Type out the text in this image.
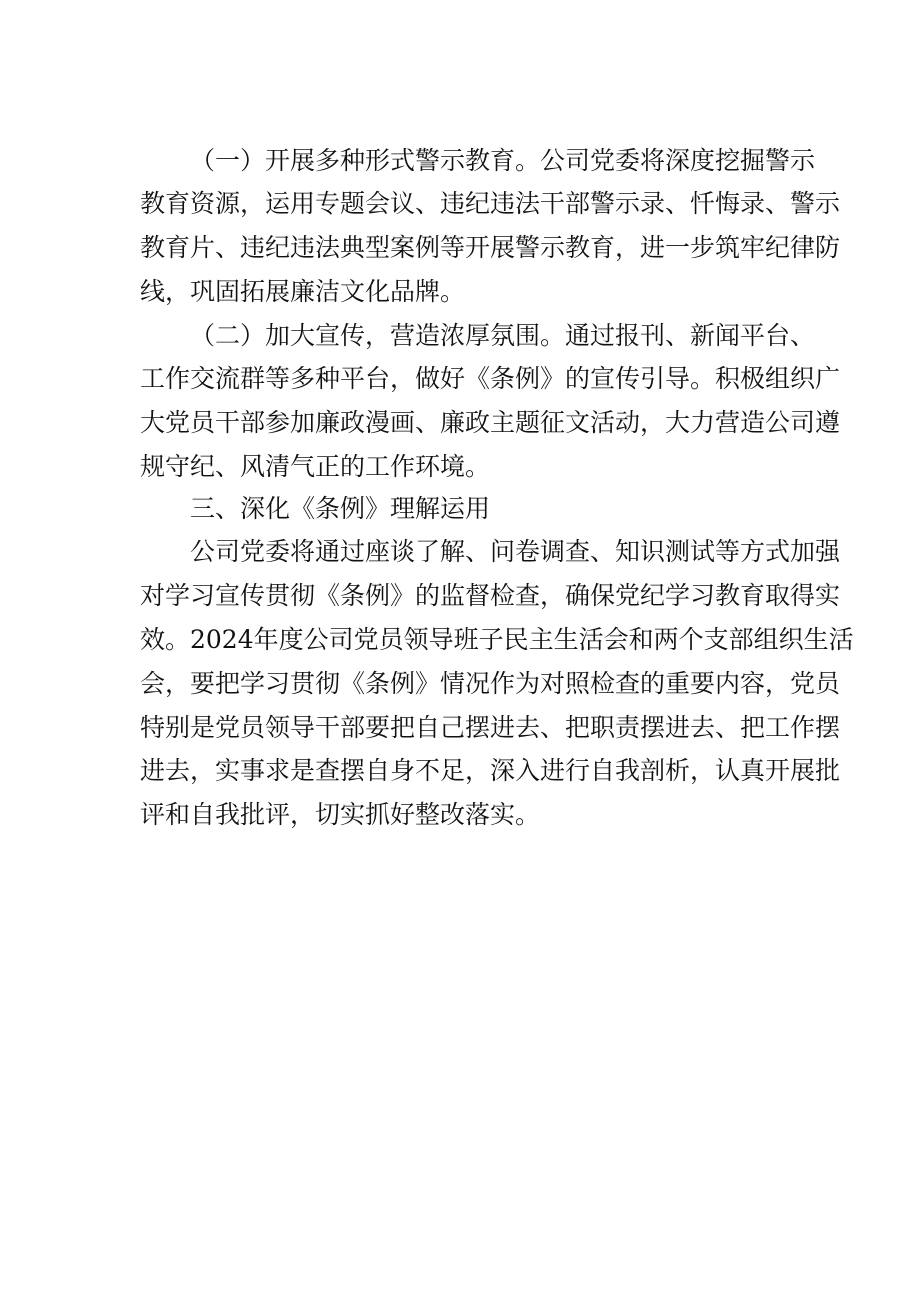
（一）开展多种形式警示教育。公司党委将深度挖掘警示
教育资源，运用专题会议、违纪违法干部警示录、忏悔录、警示
教育片、违纪违法典型案例等开展警示教育，进一步筑牢纪律防
线，巩固拓展廉洁文化品牌。
（二）加大宣传，营造浓厚氛围。通过报刊、新闻平台、
工作交流群等多种平台，做好《条例》的宣传引导。积极组织广
大党员干部参加廉政漫画、廉政主题征文活动，大力营造公司遵
规守纪、风清气正的工作环境。
三、深化《条例》理解运用
公司党委将通过座谈了解、问卷调查、知识测试等方式加强
对学习宣传贯彻《条例》的监督检查，确保党纪学习教育取得实
效。2024年度公司党员领导班子民主生活会和两个支部组织生活
会，要把学习贯彻《条例》情况作为对照检查的重要内容，党员
特别是党员领导干部要把自己摆进去、把职责摆进去、把工作摆
进去，实事求是查摆自身不足，深入进行自我剖析，认真开展批
评和自我批评，切实抓好整改落实。
